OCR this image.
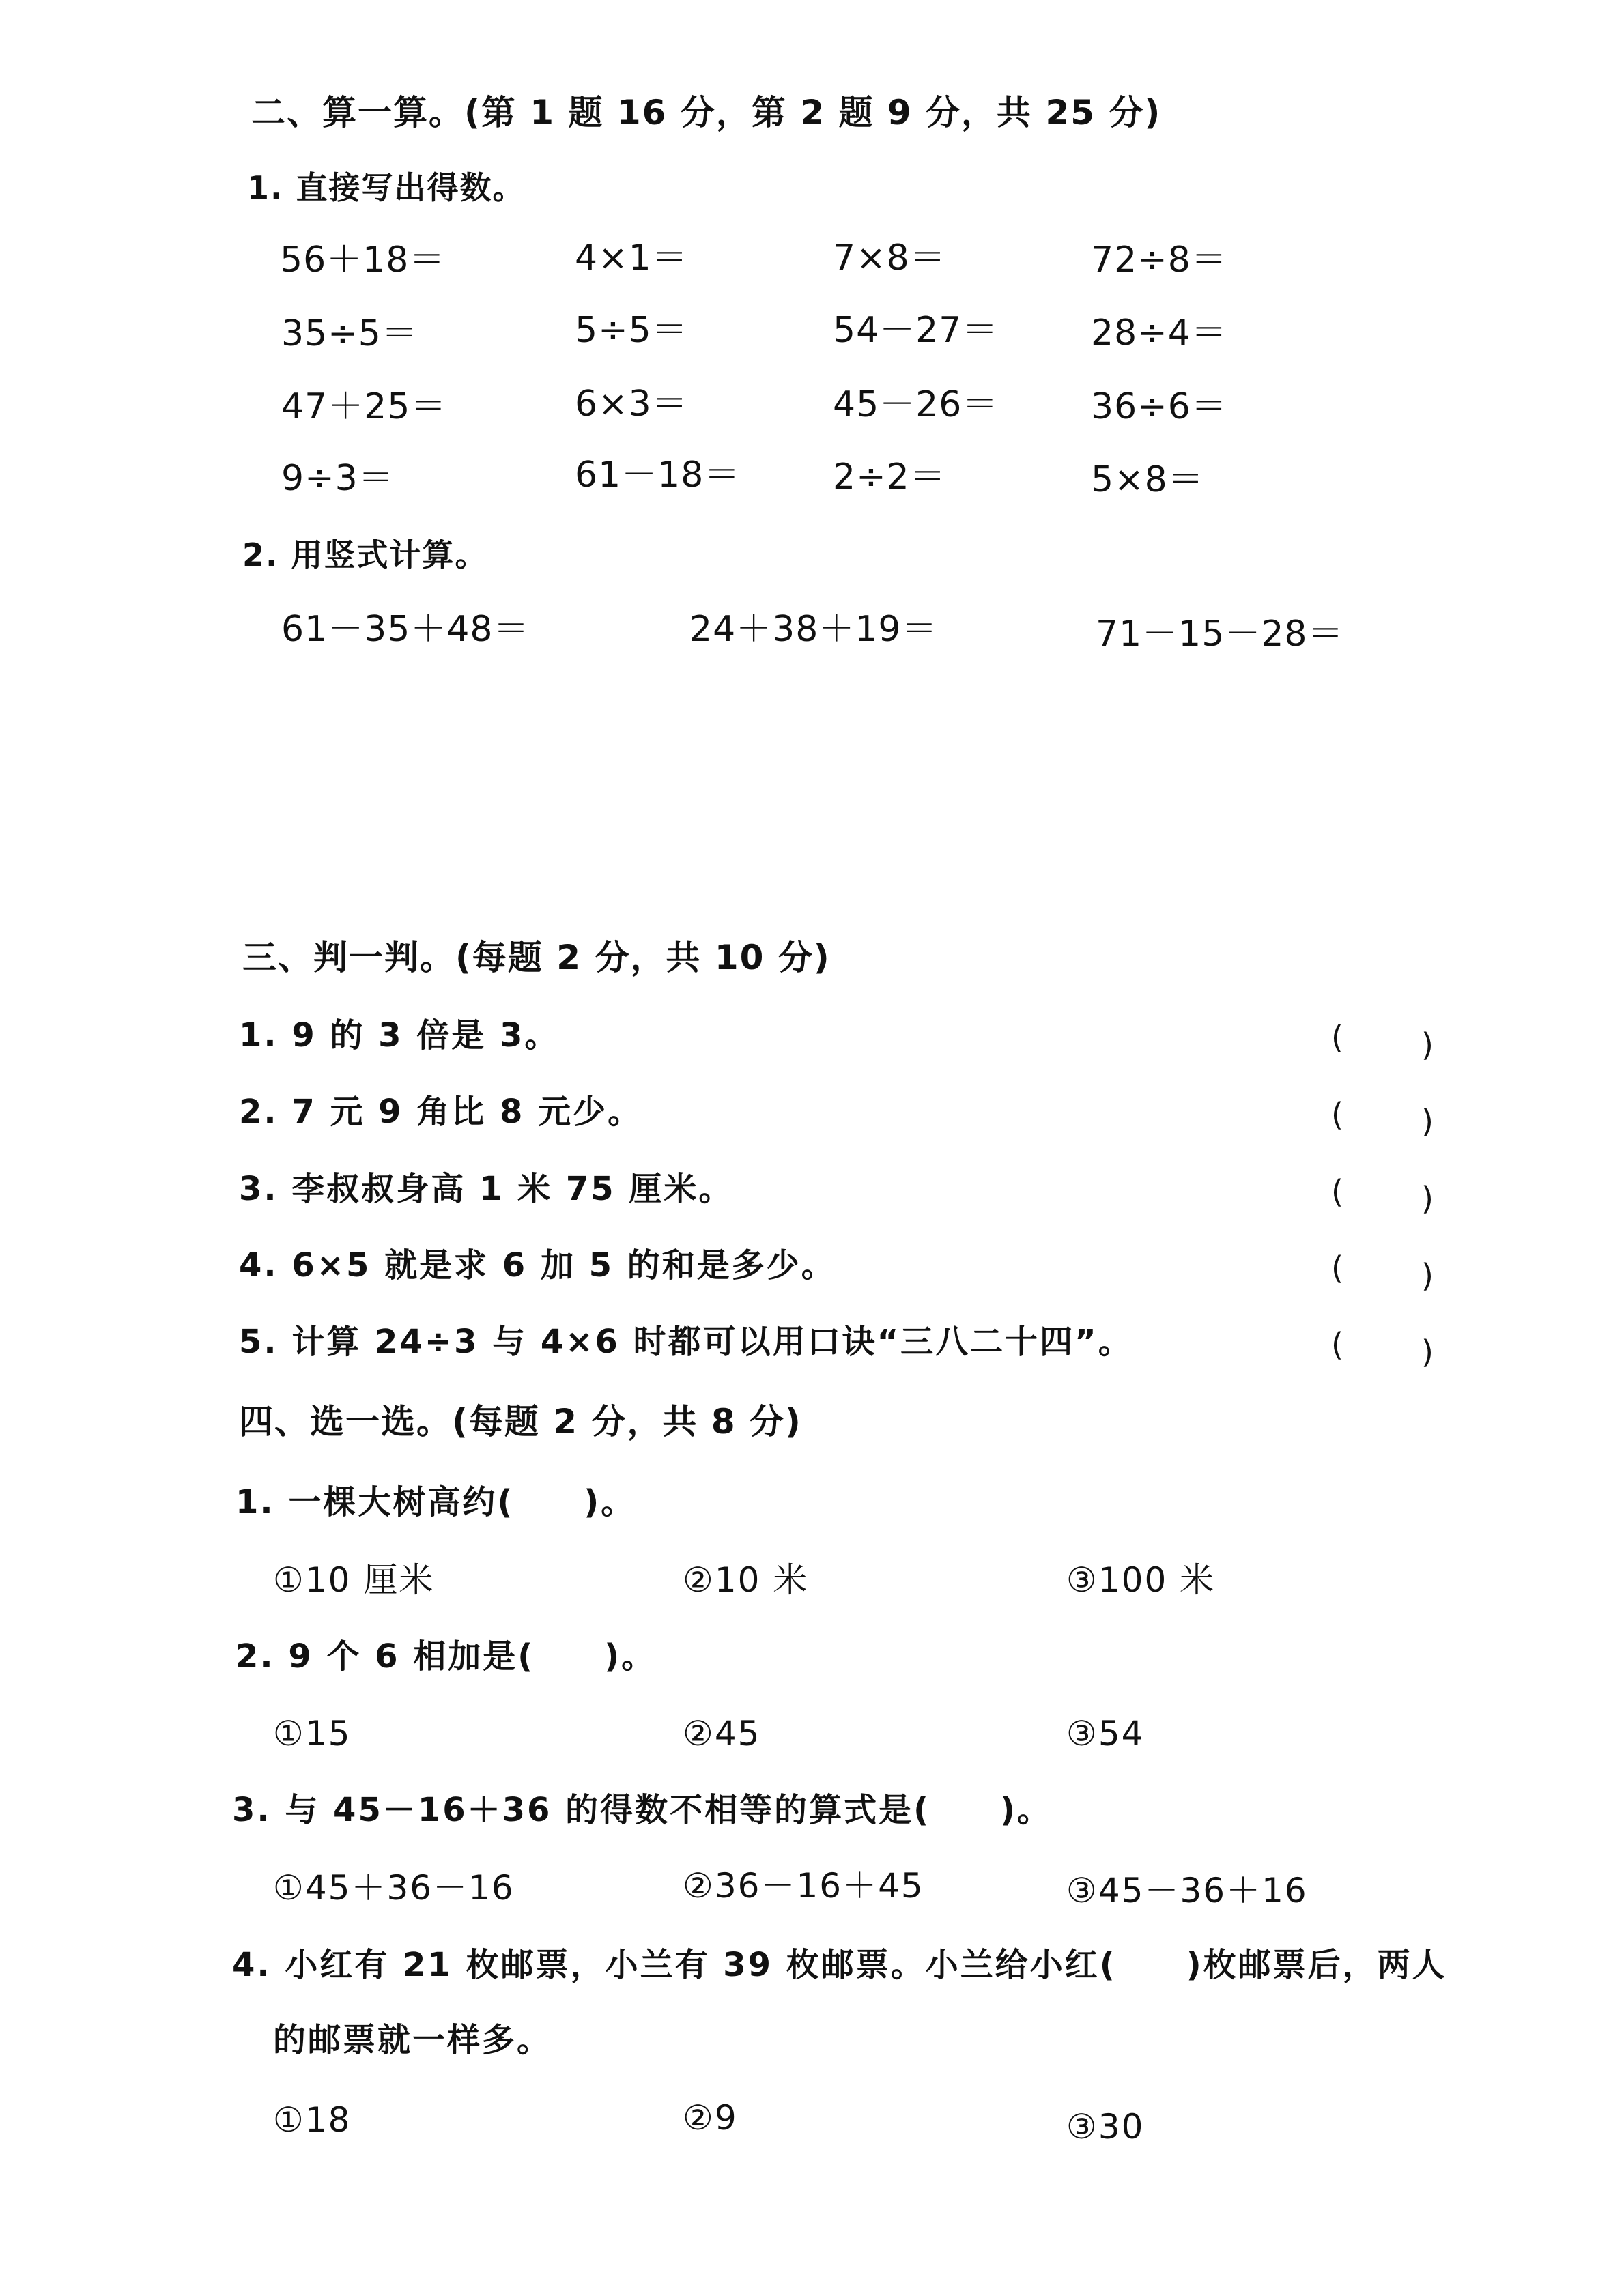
二、算一算。(第 1 题 16 分，第 2 题 9 分，共 25 分)
1. 直接写出得数。
56＋18＝	4×1＝	7×8＝	72÷8＝
35÷5＝	5÷5＝	54－27＝	28÷4＝
47＋25＝	6×3＝	45－26＝	36÷6＝
9÷3＝	61－18＝	2÷2＝	5×8＝
2. 用竖式计算。
61－35＋48＝	24＋38＋19＝	71－15－28＝
三、判一判。(每题 2 分，共 10 分)
1. 9 的 3 倍是 3。	( )
2. 7 元 9 角比 8 元少。	( )
3. 李叔叔身高 1 米 75 厘米。	( )
4. 6×5 就是求 6 加 5 的和是多少。	( )
5. 计算 24÷3 与 4×6 时都可以用口诀“三八二十四”。	( )
四、选一选。(每题 2 分，共 8 分)
1. 一棵大树高约(　　)。
①10 厘米	②10 米	③100 米
2. 9 个 6 相加是(　　)。
①15	②45	③54
3. 与 45－16＋36 的得数不相等的算式是(　　)。
①45＋36－16	②36－16＋45	③45－36＋16
4. 小红有 21 枚邮票，小兰有 39 枚邮票。小兰给小红(　　)枚邮票后，两人
的邮票就一样多。
①18	②9	③30
